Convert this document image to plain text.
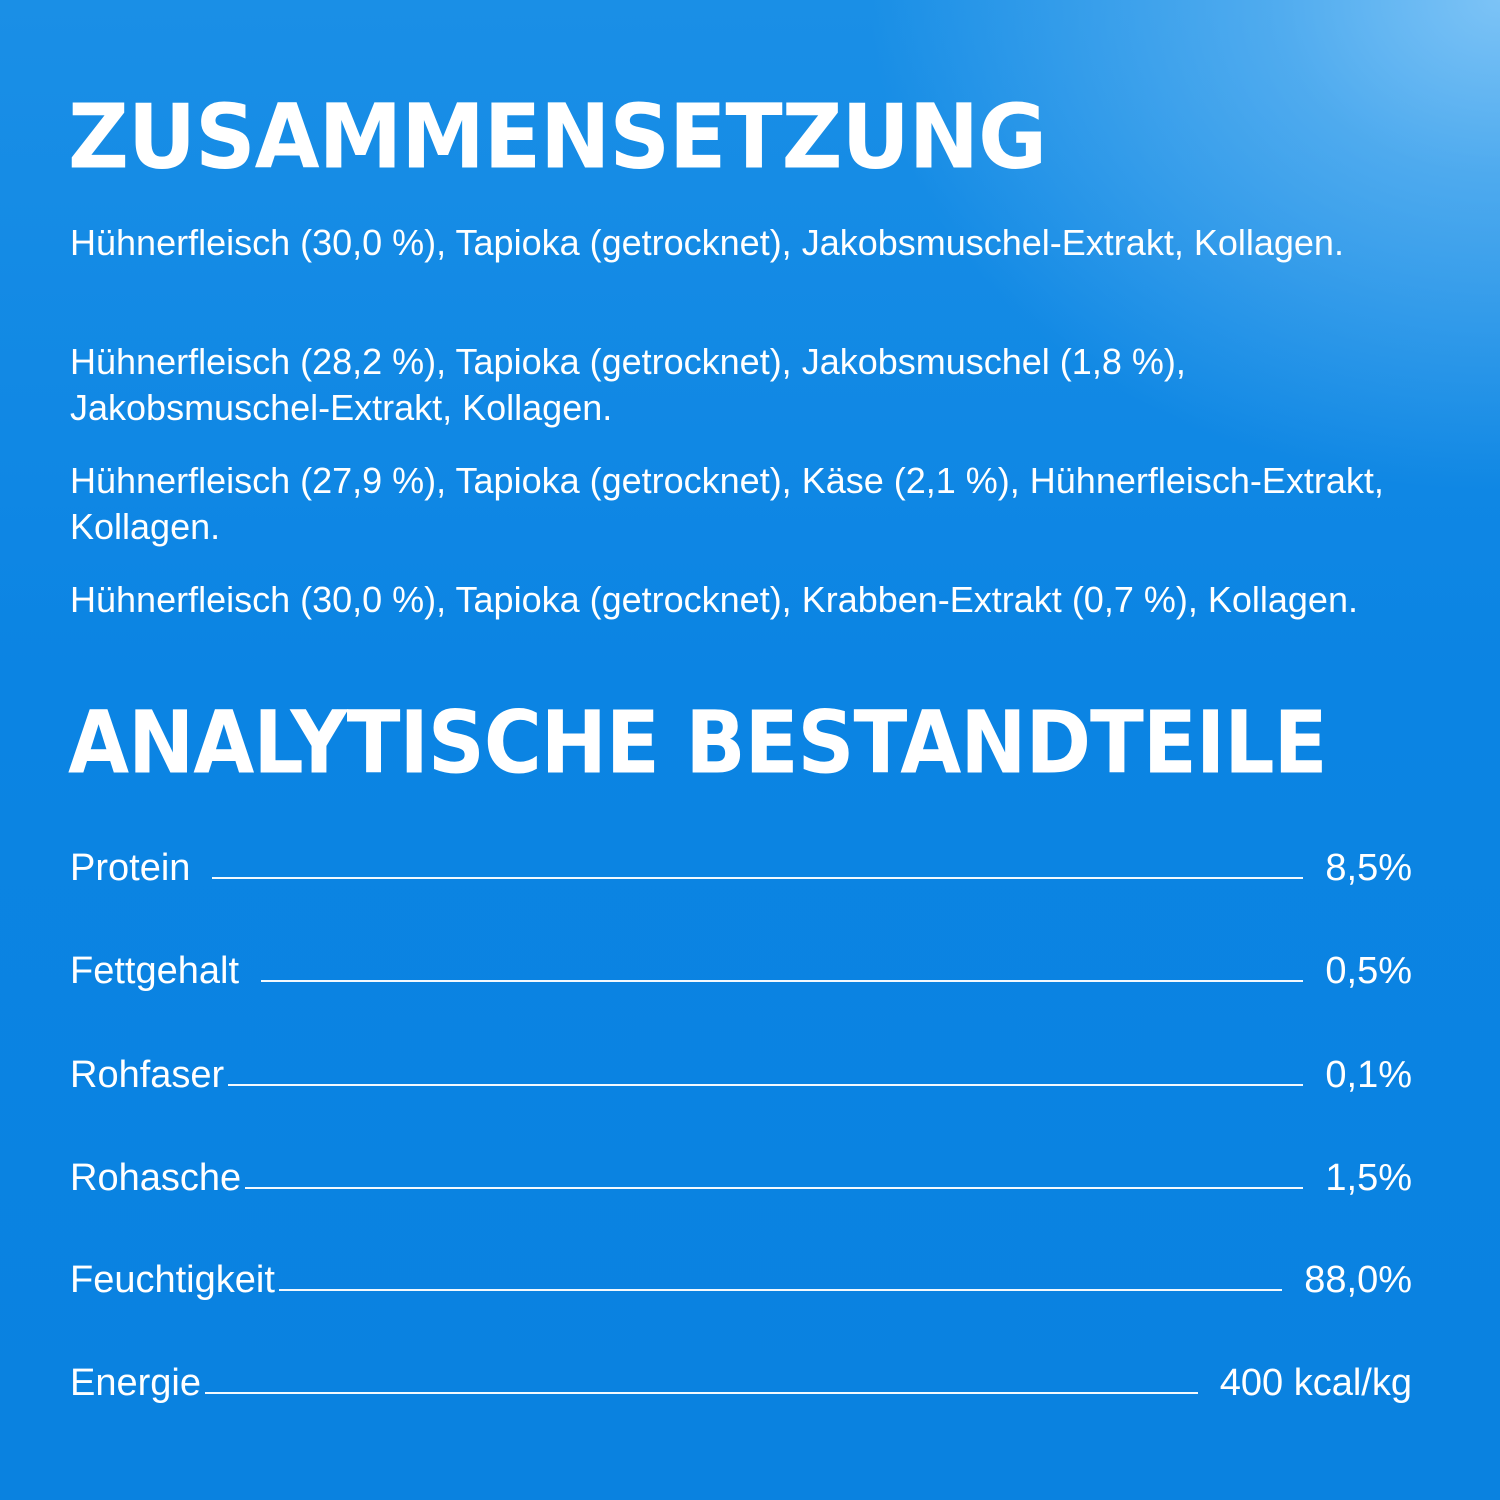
ZUSAMMENSETZUNG

Hühnerfleisch (30,0 %), Tapioka (getrocknet), Jakobsmuschel-Extrakt, Kollagen.

Hühnerfleisch (28,2 %), Tapioka (getrocknet), Jakobsmuschel (1,8 %), Jakobsmuschel-Extrakt, Kollagen.

Hühnerfleisch (27,9 %), Tapioka (getrocknet), Käse (2,1 %), Hühnerfleisch-Extrakt, Kollagen.

Hühnerfleisch (30,0 %), Tapioka (getrocknet), Krabben-Extrakt (0,7 %), Kollagen.

ANALYTISCHE BESTANDTEILE
Protein	8,5%
Fettgehalt	0,5%
Rohfaser	0,1%
Rohasche	1,5%
Feuchtigkeit	88,0%
Energie	400 kcal/kg
